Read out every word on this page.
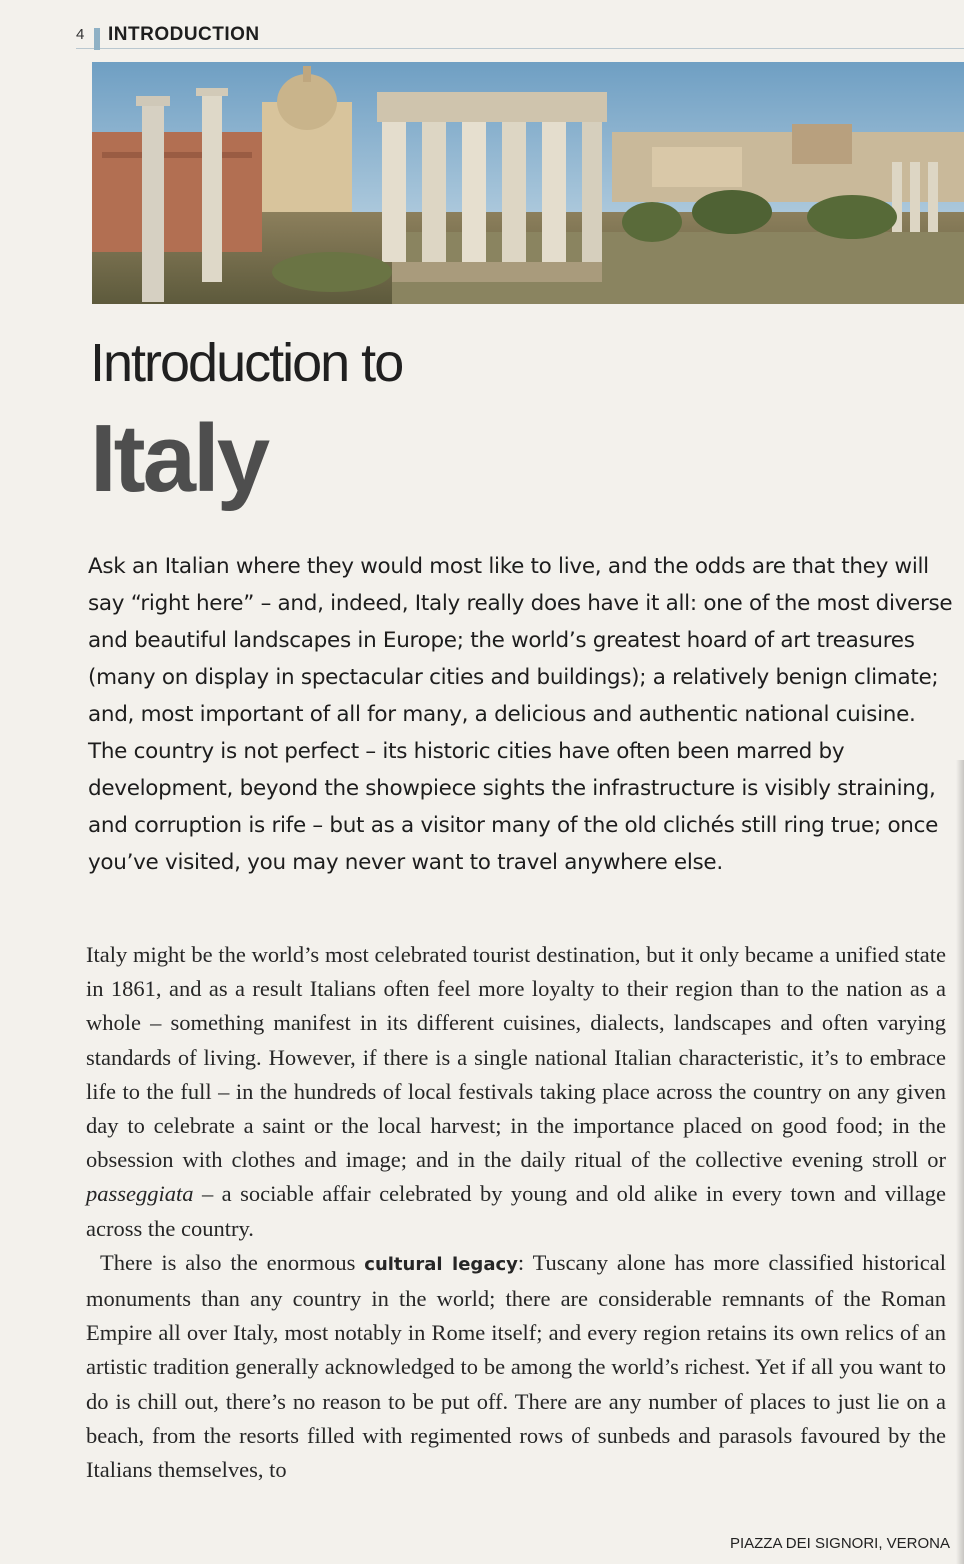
4 INTRODUCTION
Introduction to
Italy

Ask an Italian where they would most like to live, and the odds are that they will say “right here” – and, indeed, Italy really does have it all: one of the most diverse and beautiful landscapes in Europe; the world’s greatest hoard of art treasures (many on display in spectacular cities and buildings); a relatively benign climate; and, most important of all for many, a delicious and authentic national cuisine. The country is not perfect – its historic cities have often been marred by development, beyond the showpiece sights the infrastructure is visibly straining, and corruption is rife – but as a visitor many of the old clichés still ring true; once you’ve visited, you may never want to travel anywhere else.

Italy might be the world’s most celebrated tourist destination, but it only became a unified state in 1861, and as a result Italians often feel more loyalty to their region than to the nation as a whole – something manifest in its different cuisines, dialects, landscapes and often varying standards of living. However, if there is a single national Italian characteristic, it’s to embrace life to the full – in the hundreds of local festivals taking place across the country on any given day to celebrate a saint or the local harvest; in the importance placed on good food; in the obsession with clothes and image; and in the daily ritual of the collective evening stroll or passeggiata – a sociable affair celebrated by young and old alike in every town and village across the country.

There is also the enormous cultural legacy: Tuscany alone has more classified historical monuments than any country in the world; there are considerable remnants of the Roman Empire all over Italy, most notably in Rome itself; and every region retains its own relics of an artistic tradition generally acknowledged to be among the world’s richest. Yet if all you want to do is chill out, there’s no reason to be put off. There are any number of places to just lie on a beach, from the resorts filled with regimented rows of sunbeds and parasols favoured by the Italians themselves, to

PIAZZA DEI SIGNORI, VERONA
